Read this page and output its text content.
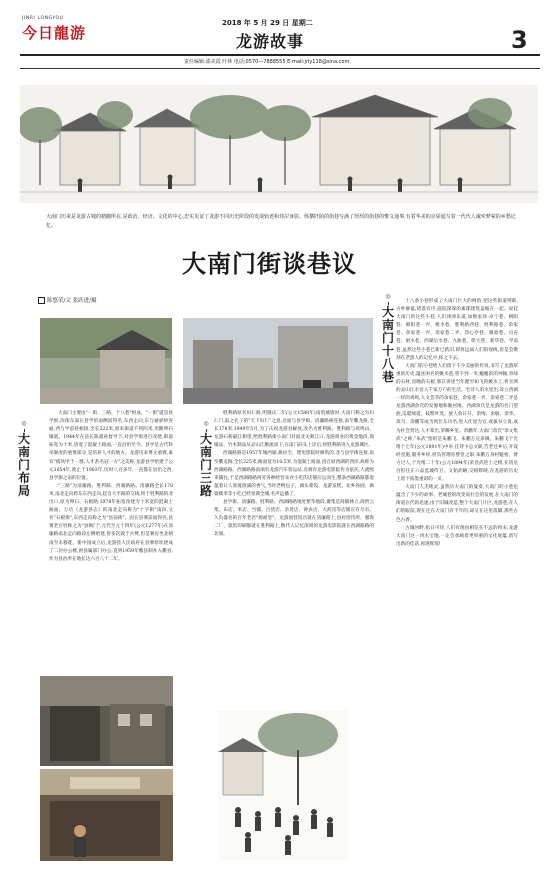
JINRI LONGYOU
今日龍游
2018 年 5 月 29 日 星期二
龙游故事	3
责任编辑:邵美霞 叶林 电话:0570—7888555 E-mail:jrly118@sina.com
大南门历来是龙游古城的精髓所在,是政治、经济、文化的中心,忠实见证了龙游不同历史阶段的发展轨迹和伟岸身影。纵横阡陌的街巷写满了厚厚的街巷的惟文通事,有着华美的京屋通写着一代代人魂牵梦萦的乡愁记忆。
大南门街谈巷议
陈悠荣/文 张跃进/摄
◎
大
南
门
布
局
◎
大
南
门
三
路
◎
大
南
门
十
八
巷

大南门主要由"一街、三路、十八巷"组成。"一街"就是县学街,滨街东部在县学的南侧而得名,东西走向,东与通驿桥连通,西与学前巷相接,全长222米,原来街道不到四米,用鹅卵石铺就。1944年在县长陈虞孙督导下,对县学街进行改建,街道拓宽为十米,洛宽了混凝土路面,一直沿用至今。县学是古代科举制度的重要部分,是培养人才的地方。龙游历来尊文重教,素有"儒风甲于一郡,人才甚名冠一方"之美称,龙游县学始建于公元1054年,废止于1903年,历时八百多年,一直都在县治之西,县学街之南的位置。

"三路"为清廉路、胜利路、西湖路路。清廉路全长178米,南北走向跨东东西走向,起自大平路的交线,终于胜利路的北出口,原为卵石、石板路,1978年拓宽改建为十米宽的混凝土路面。万历《龙游县志》的南北走向称为"十字街"南段,又名"石板街",东西走向称之为"县前街"。因在县署前面得名,县署老百姓称之为"县衙门",元代至元十四年(公元1277年)在清廉路南北走向路段左侧始建,曾多次毁于兵燹,但是署房坐北朝南至未移徙。新中国成立后,龙游县人民政府在县署原址建成了二层办公楼,供县属部门办公,直到1959年搬县制并入衢县,作为县治所在地长达六百八十二年。

胜利路原名妇仁路,明隆庆二年(公元1588年)南筑城墙时,大南门称之为妇仁门,取之孔子的"天下妇仁"之意,北面与县学街、清廉路相连接,南至衢龙路,全长178米,1949年5月,为了庆祝龙游县解放,改名为胜利路。胜利路与鸡鸣山、龙游石桥隔江相望,给胜利路街小南门对面北关吸江口,龙游商业的黄金地段,商铺品、竹木制品从灵山江顺流而下,在南门码头上岸后,经胜利路进入龙游城区。

西湖路路是1957年城西湖,修民宅、建电影院时修筑的,北与县学街连接,南至衢龙路,全长325米,路面宽为10.5米,为混凝土路面,因在原西湖的西岸,故称为西湖路路。西湖路路南端有龙游汽车客运站,北端有龙游电影院作为依托,人流熙来攘往,于是西湖路路两旁各种经营来食小吃的店铺应运而生,整条西湖路路都混氲着让人垂涎欲滴的香气,当时老鸭包子、湖头菜饭、龙游发糕、北乡汤圆、腐婆糯米等小吃已经誉满全城,名声远播了。

县学街、清廉路、胜利路、西湖路路地处繁华地段,聚集是商铺林立,商贾云集。布店、米店、当铺、百货店、杂货店、钟表店、大药房等店铺应有尽有。久负盛名的百年老店"源福堂"、龙游国营饭店就在清廉路上,县府招待所、服饰二厂、旅馆印刷都就在胜利路上,数代人记忆深刻的龙游电影院就在西湖路路的北端。

十八条小巷形成了大南门巨大的网络,把这些街道则联,古朴静谧,错落有序,庭院深深的素郁建筑盖缩在一起。说起大南门的这些小巷,人们津津乐道,如数家珍:卓宁巷、朝阳巷、朝阳巷一弄、桃水巷、胜利路西巷、胜利路巷、余家巷、余家巷一弄、余家巷二弄、印心亭巷、微政巷、司充巷、洞水巷、西湖后水巷、九曲巷、柴大巷、新华巷、学前巷,虽然这些小巷已新已新旧,即将远离人们的视线,但是会镌刻在老游人的记忆中,挥之不去。

大南门的小巷给人们留下不少美丽的传说,书写了龙游厚重的历史,蕴连闲名的姚水巷,曾不到一米,蜒蜒的的钟输,青绿的石材,显晚的石板,那在讲述当年健步如飞的姚水工,将甘洌的灵山江水送入千家万户的生活。宅诗人的水里出,耸立西湖一样的鸡鸣,人文荟萃的余家巷、余家巷一弄、余家巷二弄是龙游西湖余氏的发源地和聚居地。西湖余氏是龙游的名门望族,瓜瓞绵延、枝繁叶茂。族人余日升、余恂、余敏、余华、余习、余鹏等成为致仕东功名,进入仕途为官,或兼书立说,成为杜会贤达,人才辈出,荣耀乡里。余鹏年,大南门余氏"余文集武"之称,"朱武"指的是朱鹏飞、朱鹏万兄弟俩。朱鹏飞于光绪十七年(公元1891年)中举,任拜卞总文职,告老还乡后,开设经堂施,服务乡梓,担负管理育婴堂之职,朱鹏万身材魁梧、臂力过人,于光绪二十年(公元1894年)荣登武进士之榜,在清皇宫担任正六品监城侍卫。文韬武略,交相辉映,在龙游的历史上留下浓墨重彩的一页。

大南门人杰地灵,虽然历大南门的曼奏,大南门的小巷也蕴含了不少的故事。老城巷的改变而社会的发展,在大南门的街道在代的迅速,由于旧城改造,整个大南门片区,龙游巷,在人们的眼前,现在还在大南门有千年的,却又在这里落脚,那些古色古香。

古城河畔,指日可待,人们有理由相信在不远的将来,龙游大南门这一风水宝地,一定会承载着更厚重的文化底蕴,谱写出新的佳话,再现辉煌!
